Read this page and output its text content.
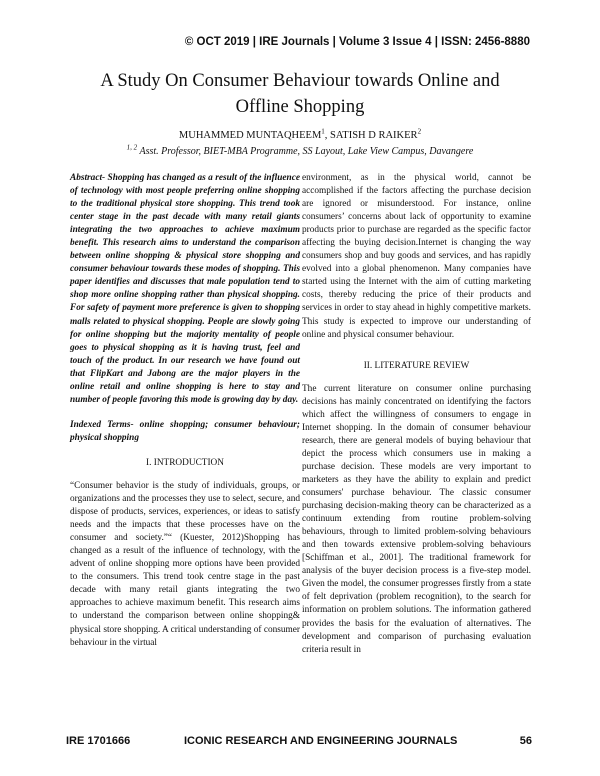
© OCT 2019 | IRE Journals | Volume 3 Issue 4 | ISSN: 2456-8880
A Study On Consumer Behaviour towards Online and
Offline Shopping
MUHAMMED MUNTAQHEEM$^1$, SATISH D RAIKER$^2$
$^{1, 2}$ Asst. Professor, BIET-MBA Programme, SS Layout, Lake View Campus, Davangere

Abstract- Shopping has changed as a result of the influence of technology with most people preferring online shopping to the traditional physical store shopping. This trend took center stage in the past decade with many retail giants integrating the two approaches to achieve maximum benefit. This research aims to understand the comparison between online shopping & physical store shopping and consumer behaviour towards these modes of shopping. This paper identifies and discusses that male population tend to shop more online shopping rather than physical shopping. For safety of payment more preference is given to shopping malls related to physical shopping. People are slowly going for online shopping but the majority mentality of people goes to physical shopping as it is having trust, feel and touch of the product. In our research we have found out that FlipKart and Jabong are the major players in the online retail and online shopping is here to stay and number of people favoring this mode is growing day by day.

Indexed Terms- online shopping; consumer behaviour; physical shopping

I. INTRODUCTION

“Consumer behavior is the study of individuals, groups, or organizations and the processes they use to select, secure, and dispose of products, services, experiences, or ideas to satisfy needs and the impacts that these processes have on the consumer and society.”“ (Kuester, 2012)Shopping has changed as a result of the influence of technology, with the advent of online shopping more options have been provided to the consumers. This trend took centre stage in the past decade with many retail giants integrating the two approaches to achieve maximum benefit. This research aims to understand the comparison between online shopping& physical store shopping. A critical understanding of consumer behaviour in the virtual

environment, as in the physical world, cannot be accomplished if the factors affecting the purchase decision are ignored or misunderstood. For instance, online consumers’ concerns about lack of opportunity to examine products prior to purchase are regarded as the specific factor affecting the buying decision.Internet is changing the way consumers shop and buy goods and services, and has rapidly evolved into a global phenomenon. Many companies have started using the Internet with the aim of cutting marketing costs, thereby reducing the price of their products and services in order to stay ahead in highly competitive markets. This study is expected to improve our understanding of online and physical consumer behaviour.

II. LITERATURE REVIEW

The current literature on consumer online purchasing decisions has mainly concentrated on identifying the factors which affect the willingness of consumers to engage in Internet shopping. In the domain of consumer behaviour research, there are general models of buying behaviour that depict the process which consumers use in making a purchase decision. These models are very important to marketers as they have the ability to explain and predict consumers' purchase behaviour. The classic consumer purchasing decision-making theory can be characterized as a continuum extending from routine problem-solving behaviours, through to limited problem-solving behaviours and then towards extensive problem-solving behaviours [Schiffman et al., 2001]. The traditional framework for analysis of the buyer decision process is a five-step model. Given the model, the consumer progresses firstly from a state of felt deprivation (problem recognition), to the search for information on problem solutions. The information gathered provides the basis for the evaluation of alternatives. The development and comparison of purchasing evaluation criteria result in

IRE 1701666	ICONIC RESEARCH AND ENGINEERING JOURNALS	56
